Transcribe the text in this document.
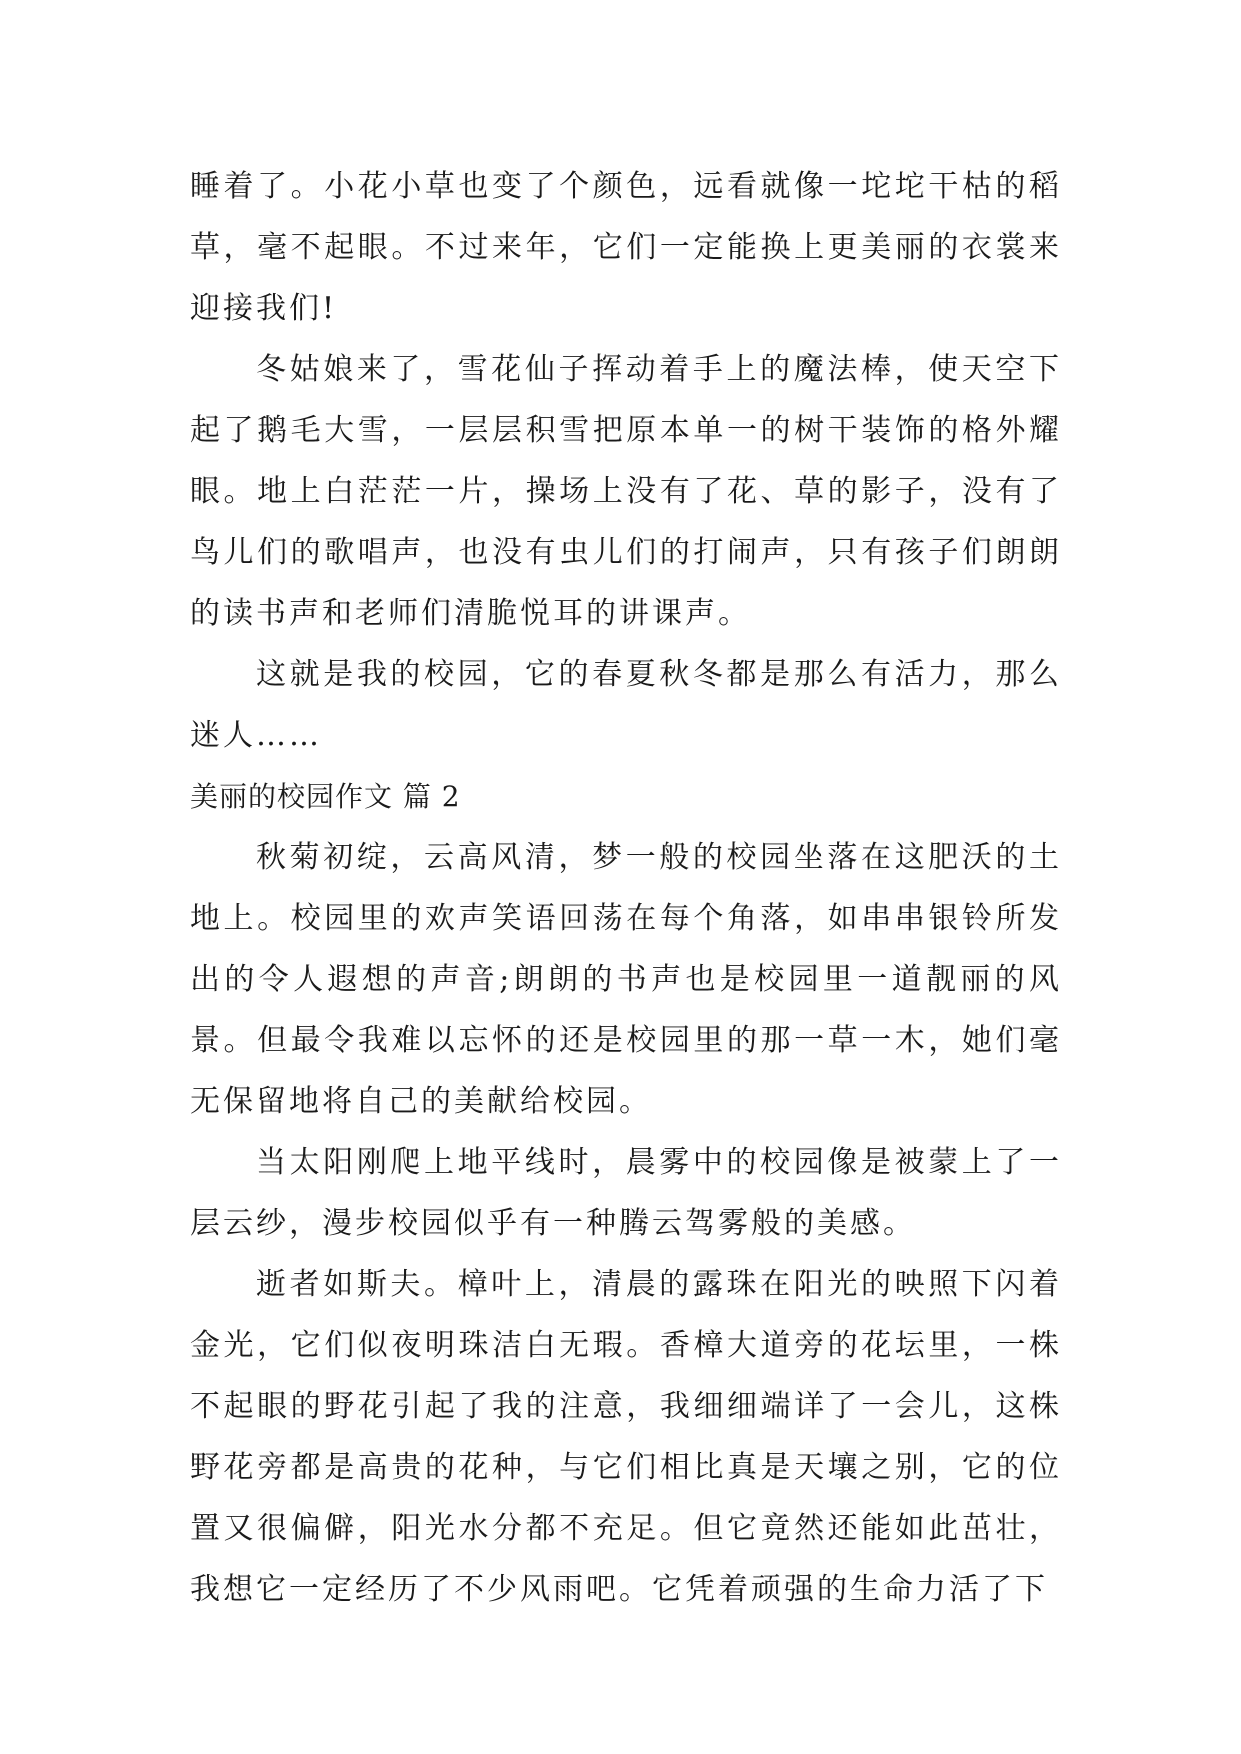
睡着了。小花小草也变了个颜色，远看就像一坨坨干枯的稻草，毫不起眼。不过来年，它们一定能换上更美丽的衣裳来迎接我们!

冬姑娘来了，雪花仙子挥动着手上的魔法棒，使天空下起了鹅毛大雪，一层层积雪把原本单一的树干装饰的格外耀眼。地上白茫茫一片，操场上没有了花、草的影子，没有了鸟儿们的歌唱声，也没有虫儿们的打闹声，只有孩子们朗朗的读书声和老师们清脆悦耳的讲课声。

这就是我的校园，它的春夏秋冬都是那么有活力，那么迷人……

美丽的校园作文 篇 2

秋菊初绽，云高风清，梦一般的校园坐落在这肥沃的土地上。校园里的欢声笑语回荡在每个角落，如串串银铃所发出的令人遐想的声音;朗朗的书声也是校园里一道靓丽的风景。但最令我难以忘怀的还是校园里的那一草一木，她们毫无保留地将自己的美献给校园。

当太阳刚爬上地平线时，晨雾中的校园像是被蒙上了一层云纱，漫步校园似乎有一种腾云驾雾般的美感。

逝者如斯夫。樟叶上，清晨的露珠在阳光的映照下闪着金光，它们似夜明珠洁白无瑕。香樟大道旁的花坛里，一株不起眼的野花引起了我的注意，我细细端详了一会儿，这株野花旁都是高贵的花种，与它们相比真是天壤之别，它的位置又很偏僻，阳光水分都不充足。但它竟然还能如此茁壮，我想它一定经历了不少风雨吧。它凭着顽强的生命力活了下
